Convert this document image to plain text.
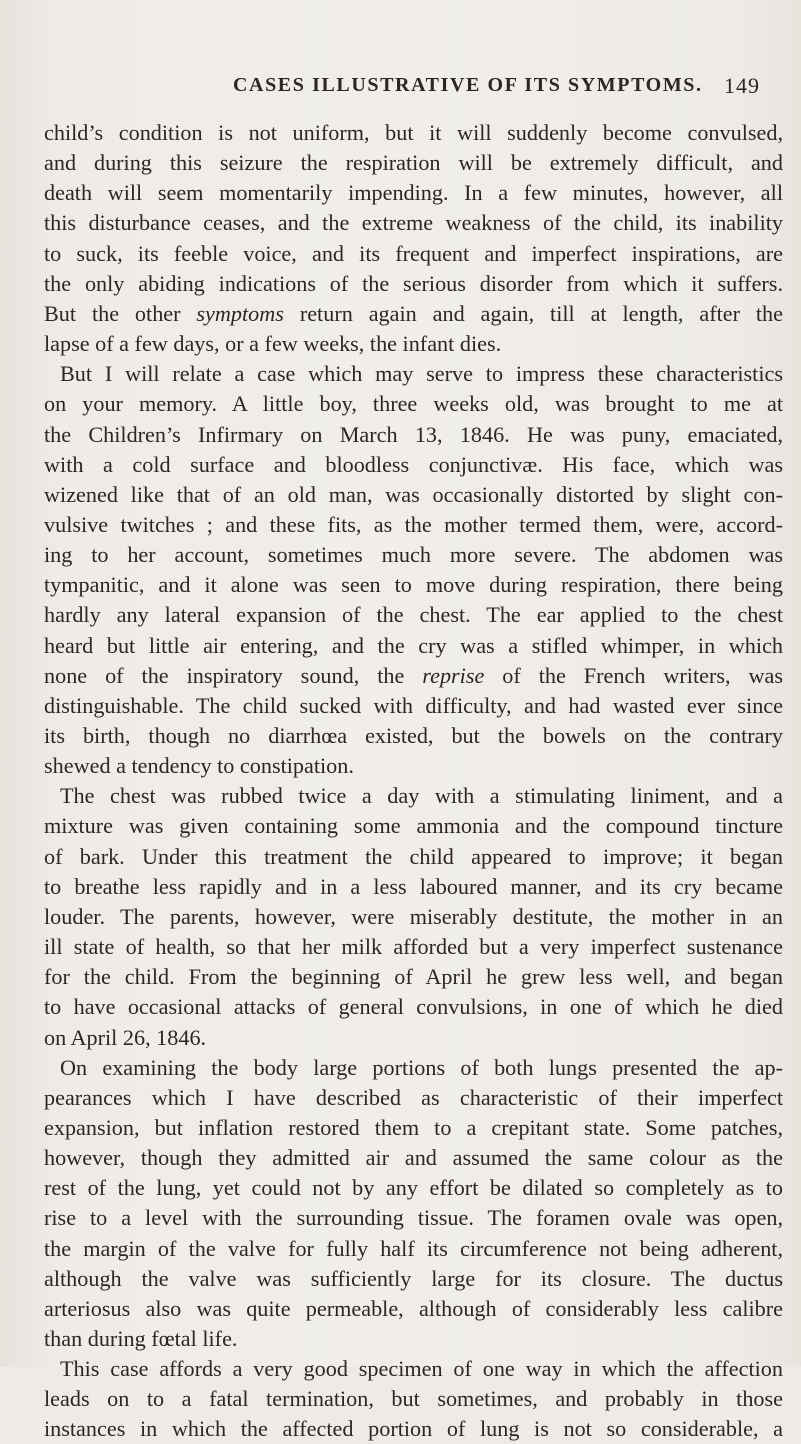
CASES ILLUSTRATIVE OF ITS SYMPTOMS. 149
child’s condition is not uniform, but it will suddenly become convulsed,
and during this seizure the respiration will be extremely difficult, and
death will seem momentarily impending. In a few minutes, however, all
this disturbance ceases, and the extreme weakness of the child, its inability
to suck, its feeble voice, and its frequent and imperfect inspirations, are
the only abiding indications of the serious disorder from which it suffers.
But the other symptoms return again and again, till at length, after the
lapse of a few days, or a few weeks, the infant dies.
But I will relate a case which may serve to impress these characteristics
on your memory. A little boy, three weeks old, was brought to me at
the Children’s Infirmary on March 13, 1846. He was puny, emaciated,
with a cold surface and bloodless conjunctivæ. His face, which was
wizened like that of an old man, was occasionally distorted by slight con-
vulsive twitches ; and these fits, as the mother termed them, were, accord-
ing to her account, sometimes much more severe. The abdomen was
tympanitic, and it alone was seen to move during respiration, there being
hardly any lateral expansion of the chest. The ear applied to the chest
heard but little air entering, and the cry was a stifled whimper, in which
none of the inspiratory sound, the reprise of the French writers, was
distinguishable. The child sucked with difficulty, and had wasted ever since
its birth, though no diarrhœa existed, but the bowels on the contrary
shewed a tendency to constipation.
The chest was rubbed twice a day with a stimulating liniment, and a
mixture was given containing some ammonia and the compound tincture
of bark. Under this treatment the child appeared to improve; it began
to breathe less rapidly and in a less laboured manner, and its cry became
louder. The parents, however, were miserably destitute, the mother in an
ill state of health, so that her milk afforded but a very imperfect sustenance
for the child. From the beginning of April he grew less well, and began
to have occasional attacks of general convulsions, in one of which he died
on April 26, 1846.
On examining the body large portions of both lungs presented the ap-
pearances which I have described as characteristic of their imperfect
expansion, but inflation restored them to a crepitant state. Some patches,
however, though they admitted air and assumed the same colour as the
rest of the lung, yet could not by any effort be dilated so completely as to
rise to a level with the surrounding tissue. The foramen ovale was open,
the margin of the valve for fully half its circumference not being adherent,
although the valve was sufficiently large for its closure. The ductus
arteriosus also was quite permeable, although of considerably less calibre
than during fœtal life.
This case affords a very good specimen of one way in which the affection
leads on to a fatal termination, but sometimes, and probably in those
instances in which the affected portion of lung is not so considerable, a
